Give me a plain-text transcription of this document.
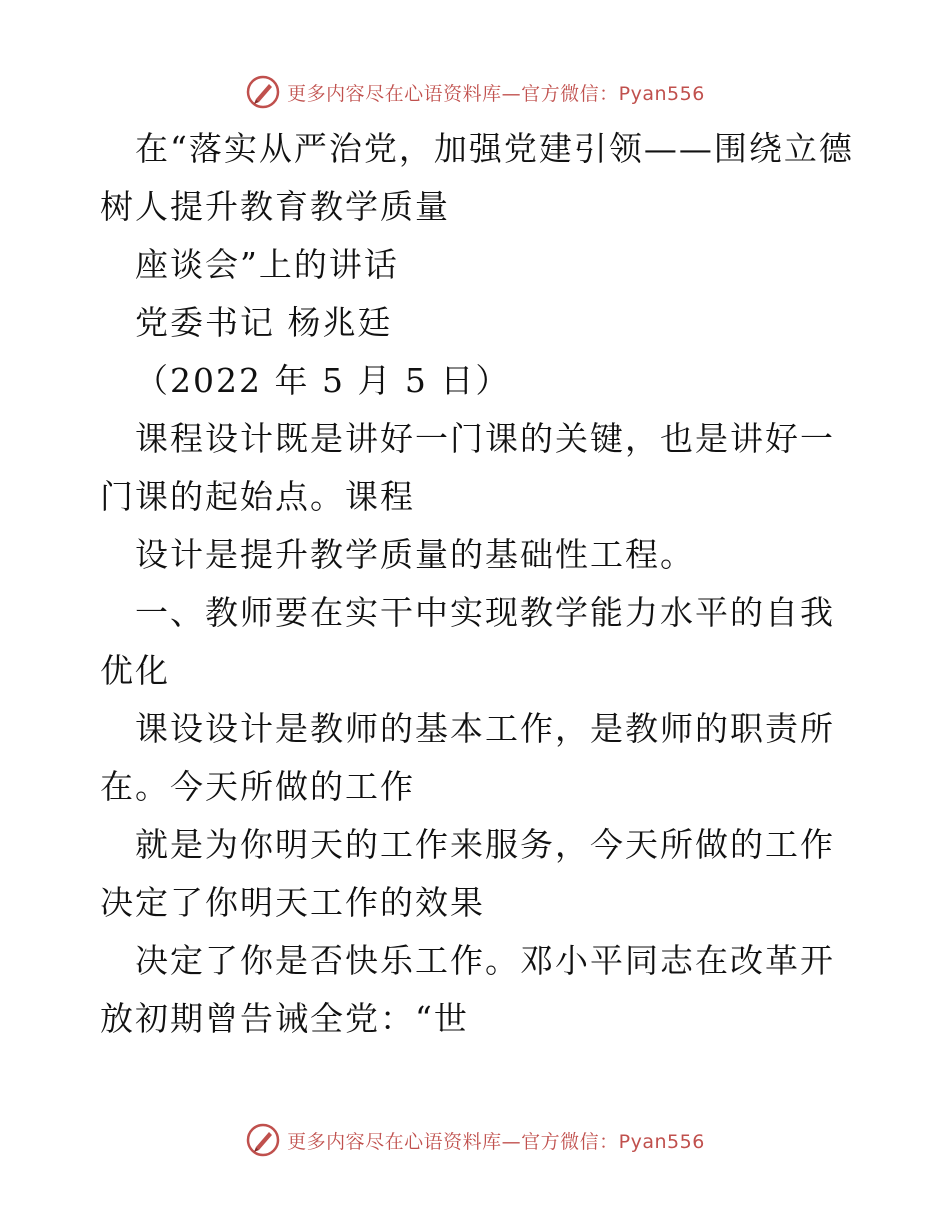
更多内容尽在心语资料库—官方微信：Pyan556

在“落实从严治党，加强党建引领——围绕立德树人提升教育教学质量

座谈会”上的讲话

党委书记 杨兆廷

（2022 年 5 月 5 日）

课程设计既是讲好一门课的关键，也是讲好一门课的起始点。课程

设计是提升教学质量的基础性工程。

一、教师要在实干中实现教学能力水平的自我优化

课设设计是教师的基本工作，是教师的职责所在。今天所做的工作

就是为你明天的工作来服务，今天所做的工作决定了你明天工作的效果

决定了你是否快乐工作。邓小平同志在改革开放初期曾告诫全党：“世

更多内容尽在心语资料库—官方微信：Pyan556
